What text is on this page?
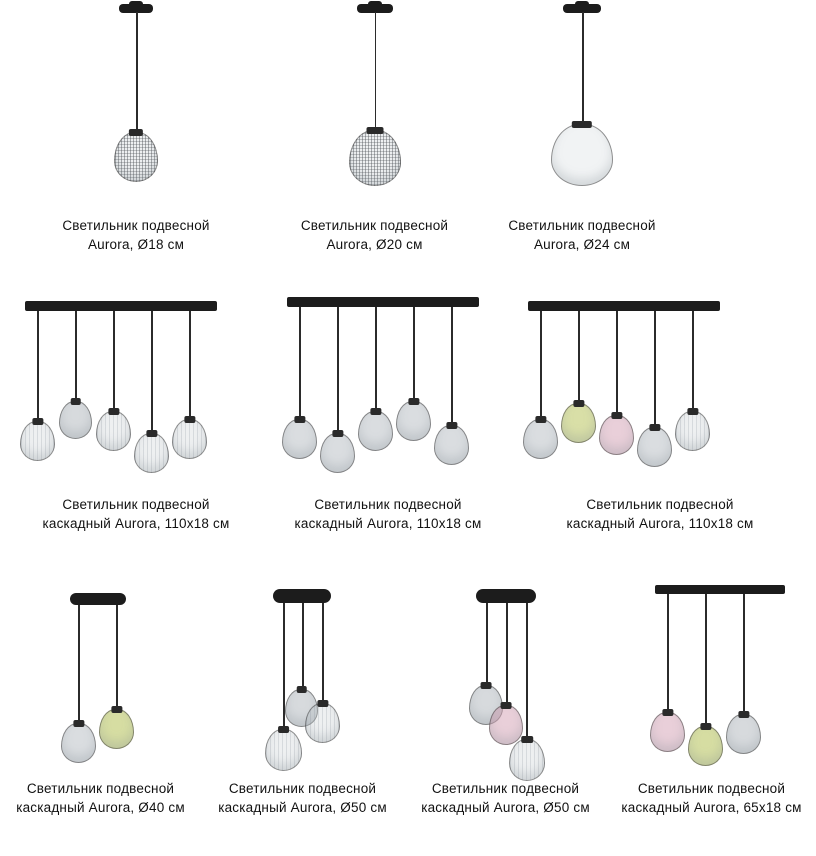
Светильник подвесной
Aurora, Ø18 см
Светильник подвесной
Aurora, Ø20 см
Светильник подвесной
Aurora, Ø24 см
Светильник подвесной
каскадный Aurora, 110x18 см
Светильник подвесной
каскадный Aurora, 110x18 см
Светильник подвесной
каскадный Aurora, 110x18 см
Светильник подвесной
каскадный Aurora, Ø40 см
Светильник подвесной
каскадный Aurora, Ø50 см
Светильник подвесной
каскадный Aurora, Ø50 см
Светильник подвесной
каскадный Aurora, 65x18 см
